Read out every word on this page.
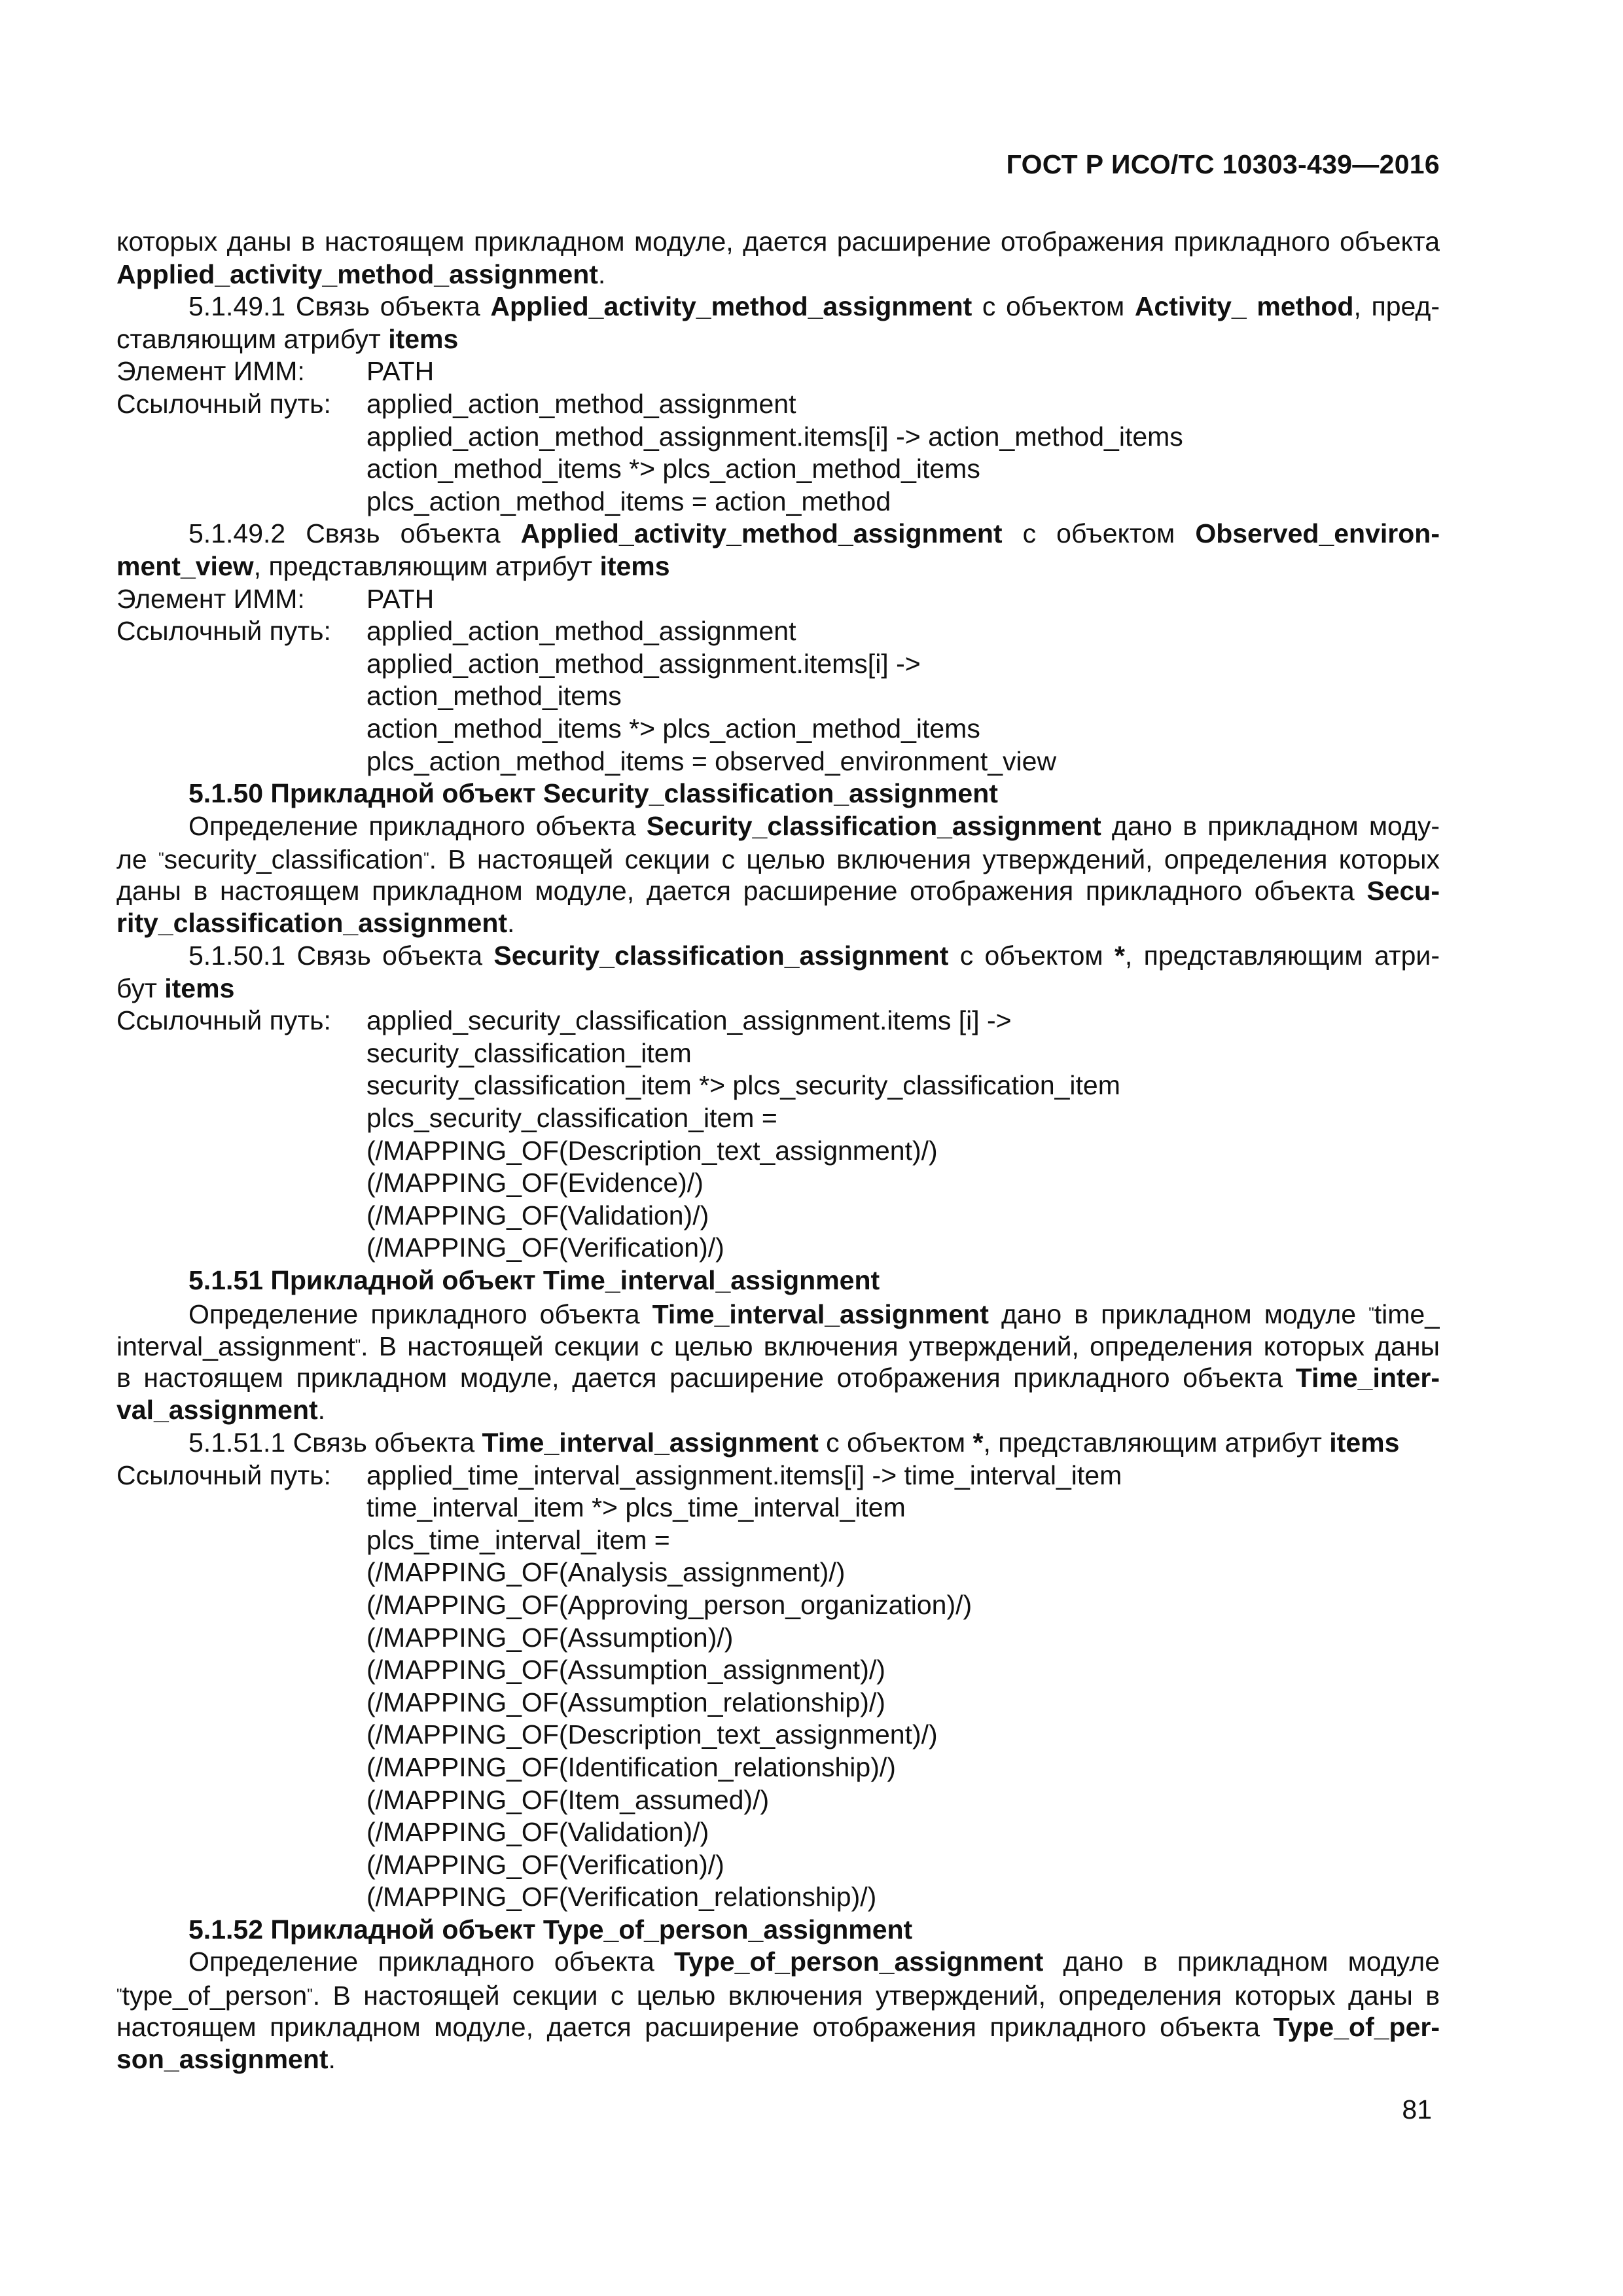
ГОСТ Р ИСО/ТС 10303-439—2016
которых даны в настоящем прикладном модуле, дается расширение отображения прикладного объекта
Applied_activity_method_assignment.
5.1.49.1 Связь объекта Applied_activity_method_assignment с объектом Activity_ method, пред-
ставляющим атрибут items
Элемент ИММ:	PATH
Ссылочный путь:	applied_action_method_assignment
applied_action_method_assignment.items[i] -> action_method_items
action_method_items *> plcs_action_method_items
plcs_action_method_items = action_method
5.1.49.2 Связь объекта Applied_activity_method_assignment с объектом Observed_environ-
ment_view, представляющим атрибут items
Элемент ИММ:	PATH
Ссылочный путь:	applied_action_method_assignment
applied_action_method_assignment.items[i] ->
action_method_items
action_method_items *> plcs_action_method_items
plcs_action_method_items = observed_environment_view
5.1.50 Прикладной объект Security_classification_assignment
Определение прикладного объекта Security_classification_assignment дано в прикладном моду-
ле "security_classification". В настоящей секции с целью включения утверждений, определения которых
даны в настоящем прикладном модуле, дается расширение отображения прикладного объекта Secu-
rity_classification_assignment.
5.1.50.1 Связь объекта Security_classification_assignment с объектом *, представляющим атри-
бут items
Ссылочный путь:	applied_security_classification_assignment.items [i] ->
security_classification_item
security_classification_item *> plcs_security_classification_item
plcs_security_classification_item =
(/MAPPING_OF(Description_text_assignment)/)
(/MAPPING_OF(Evidence)/)
(/MAPPING_OF(Validation)/)
(/MAPPING_OF(Verification)/)
5.1.51 Прикладной объект Time_interval_assignment
Определение прикладного объекта Time_interval_assignment дано в прикладном модуле "time_
interval_assignment". В настоящей секции с целью включения утверждений, определения которых даны
в настоящем прикладном модуле, дается расширение отображения прикладного объекта Time_inter-
val_assignment.
5.1.51.1 Связь объекта Time_interval_assignment с объектом *, представляющим атрибут items
Ссылочный путь:	applied_time_interval_assignment.items[i] -> time_interval_item
time_interval_item *> plcs_time_interval_item
plcs_time_interval_item =
(/MAPPING_OF(Analysis_assignment)/)
(/MAPPING_OF(Approving_person_organization)/)
(/MAPPING_OF(Assumption)/)
(/MAPPING_OF(Assumption_assignment)/)
(/MAPPING_OF(Assumption_relationship)/)
(/MAPPING_OF(Description_text_assignment)/)
(/MAPPING_OF(Identification_relationship)/)
(/MAPPING_OF(Item_assumed)/)
(/MAPPING_OF(Validation)/)
(/MAPPING_OF(Verification)/)
(/MAPPING_OF(Verification_relationship)/)
5.1.52 Прикладной объект Type_of_person_assignment
Определение прикладного объекта Type_of_person_assignment дано в прикладном модуле
"type_of_person". В настоящей секции с целью включения утверждений, определения которых даны в
настоящем прикладном модуле, дается расширение отображения прикладного объекта Type_of_per-
son_assignment.
81
